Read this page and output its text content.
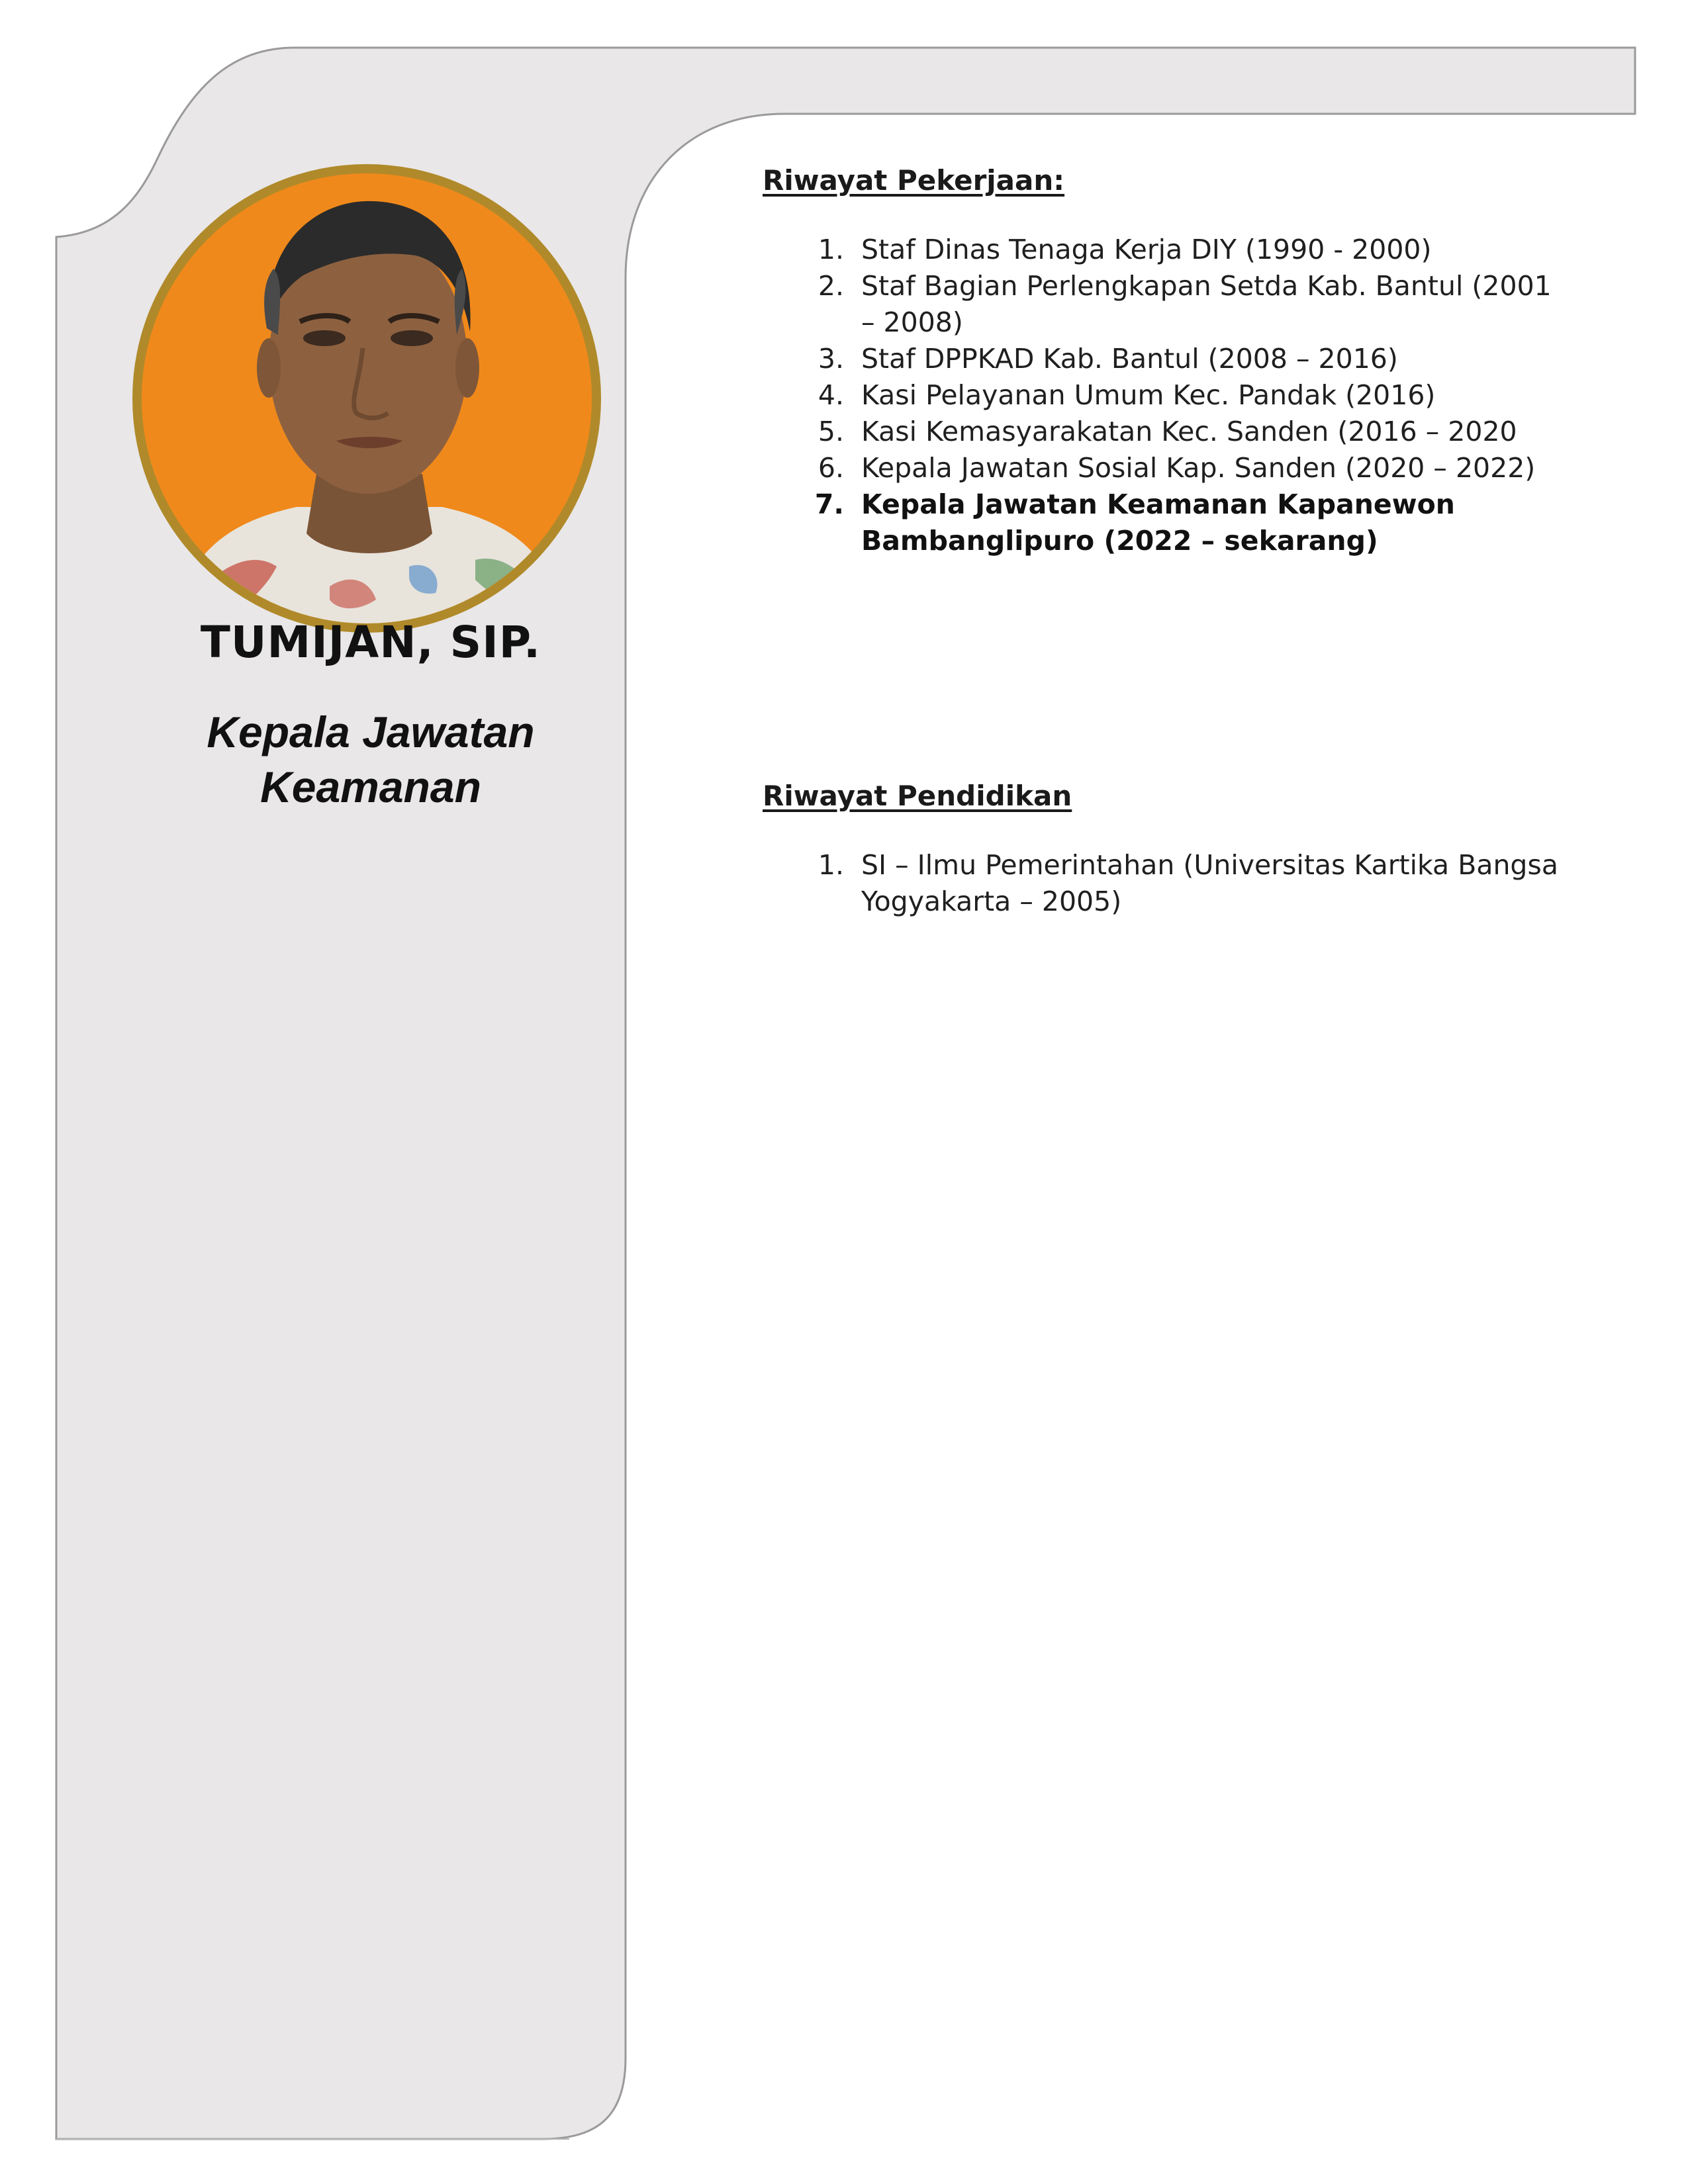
TUMIJAN, SIP.
Kepala Jawatan
Keamanan
Riwayat Pekerjaan:
1. Staf Dinas Tenaga Kerja DIY (1990 - 2000)
2. Staf Bagian Perlengkapan Setda Kab. Bantul (2001 – 2008)
3. Staf DPPKAD Kab. Bantul (2008 – 2016)
4. Kasi Pelayanan Umum Kec. Pandak (2016)
5. Kasi Kemasyarakatan Kec. Sanden (2016 – 2020
6. Kepala Jawatan Sosial Kap. Sanden (2020 – 2022)
7. Kepala Jawatan Keamanan Kapanewon Bambanglipuro (2022 – sekarang)
Riwayat Pendidikan
1. SI – Ilmu Pemerintahan (Universitas Kartika Bangsa Yogyakarta – 2005)
